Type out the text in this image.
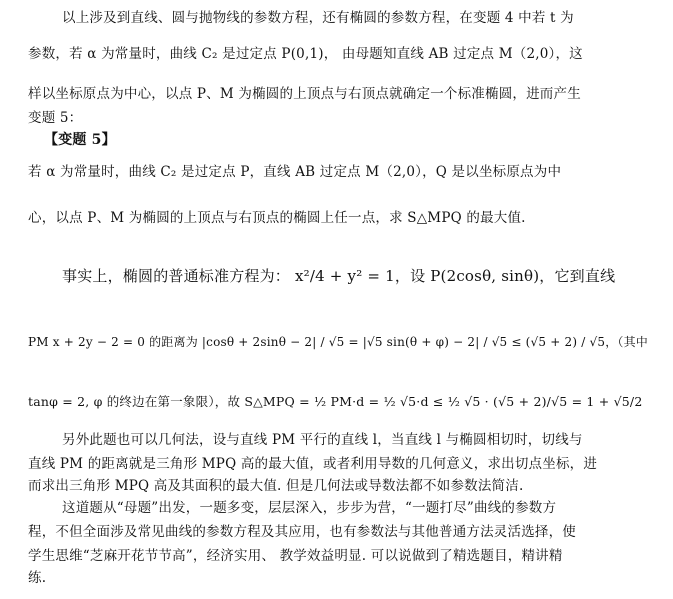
以上涉及到直线、圆与抛物线的参数方程，还有椭圆的参数方程，在变题 4 中若 t 为
参数，若 α 为常量时，曲线 C₂ 是过定点 P(0,1)， 由母题知直线 AB 过定点 M（2,0），这
样以坐标原点为中心，以点 P、M 为椭圆的上顶点与右顶点就确定一个标准椭圆，进而产生
变题 5：
【变题 5】
若 α 为常量时，曲线 C₂ 是过定点 P，直线 AB 过定点 M（2,0），Q 是以坐标原点为中
心，以点 P、M 为椭圆的上顶点与右顶点的椭圆上任一点，求 S△MPQ 的最大值.
事实上，椭圆的普通标准方程为： x²/4 + y² = 1，设 P(2cosθ, sinθ)，它到直线
PM x + 2y − 2 = 0 的距离为 |cosθ + 2sinθ − 2| / √5 = |√5 sin(θ + φ) − 2| / √5 ≤ (√5 + 2) / √5，（其中
tanφ = 2, φ 的终边在第一象限），故 S△MPQ = ½ PM·d = ½ √5·d ≤ ½ √5 · (√5 + 2)/√5 = 1 + √5/2
另外此题也可以几何法，设与直线 PM 平行的直线 l，当直线 l 与椭圆相切时，切线与
直线 PM 的距离就是三角形 MPQ 高的最大值，或者利用导数的几何意义，求出切点坐标，进
而求出三角形 MPQ 高及其面积的最大值. 但是几何法或导数法都不如参数法简洁.
这道题从“母题”出发，一题多变，层层深入，步步为营，“一题打尽”曲线的参数方
程，不但全面涉及常见曲线的参数方程及其应用，也有参数法与其他普通方法灵活选择，使
学生思维“芝麻开花节节高”，经济实用、 教学效益明显. 可以说做到了精选题目，精讲精
练.
